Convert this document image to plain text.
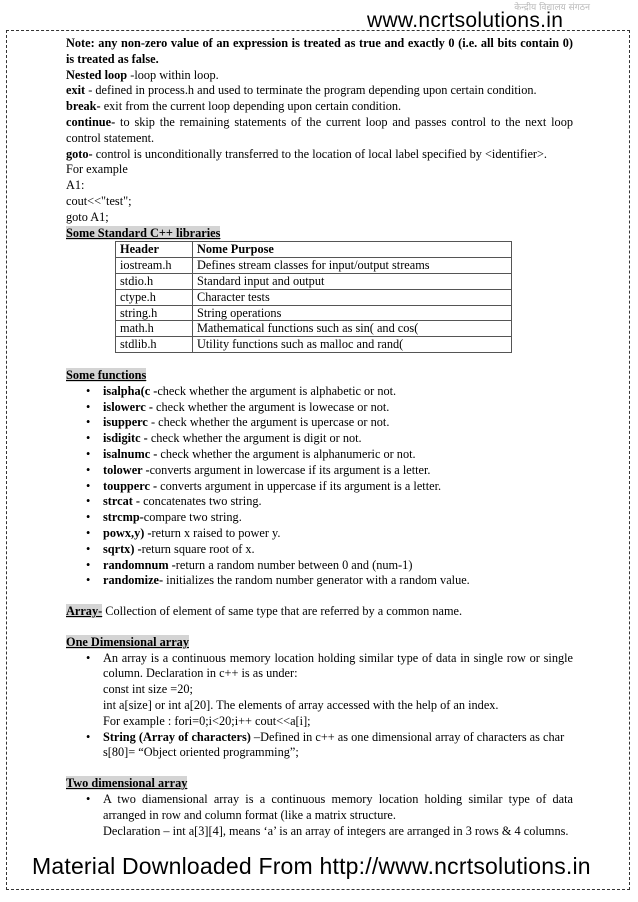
केन्द्रीय विद्यालय संगठन
www.ncrtsolutions.in

Note: any non-zero value of an expression is treated as true and exactly 0 (i.e. all bits contain 0) is treated as false.

Nested loop -loop within loop.

exit - defined in process.h and used to terminate the program depending upon certain condition.

break- exit from the current loop depending upon certain condition.

continue- to skip the remaining statements of the current loop and passes control to the next loop control statement.

goto- control is unconditionally transferred to the location of local label specified by <identifier>.

For example

A1:

cout<<"test";

goto A1;

Some Standard C++ libraries

Header	Nome Purpose
iostream.h	Defines stream classes for input/output streams
stdio.h	Standard input and output
ctype.h	Character tests
string.h	String operations
math.h	Mathematical functions such as sin( and cos(
stdlib.h	Utility functions such as malloc and rand(

Some functions

• isalpha(c -check whether the argument is alphabetic or not.
• islowerc - check whether the argument is lowecase or not.
• isupperc - check whether the argument is upercase or not.
• isdigitc - check whether the argument is digit or not.
• isalnumc - check whether the argument is alphanumeric or not.
• tolower -converts argument in lowercase if its argument is a letter.
• toupperc - converts argument in uppercase if its argument is a letter.
• strcat - concatenates two string.
• strcmp-compare two string.
• powx,y) -return x raised to power y.
• sqrtx) -return square root of x.
• randomnum -return a random number between 0 and (num-1)
• randomize- initializes the random number generator with a random value.

Array- Collection of element of same type that are referred by a common name.

One Dimensional array

• An array is a continuous memory location holding similar type of data in single row or single column. Declaration in c++ is as under:

const int size =20;

int a[size] or int a[20]. The elements of array accessed with the help of an index.

For example : fori=0;i<20;i++ cout<<a[i];

• String (Array of characters) –Defined in c++ as one dimensional array of characters as char s[80]= “Object oriented programming”;

Two dimensional array

• A two diamensional array is a continuous memory location holding similar type of data arranged in row and column format (like a matrix structure.

Declaration – int a[3][4], means ‘a’ is an array of integers are arranged in 3 rows & 4 columns.

Material Downloaded From http://www.ncrtsolutions.in
